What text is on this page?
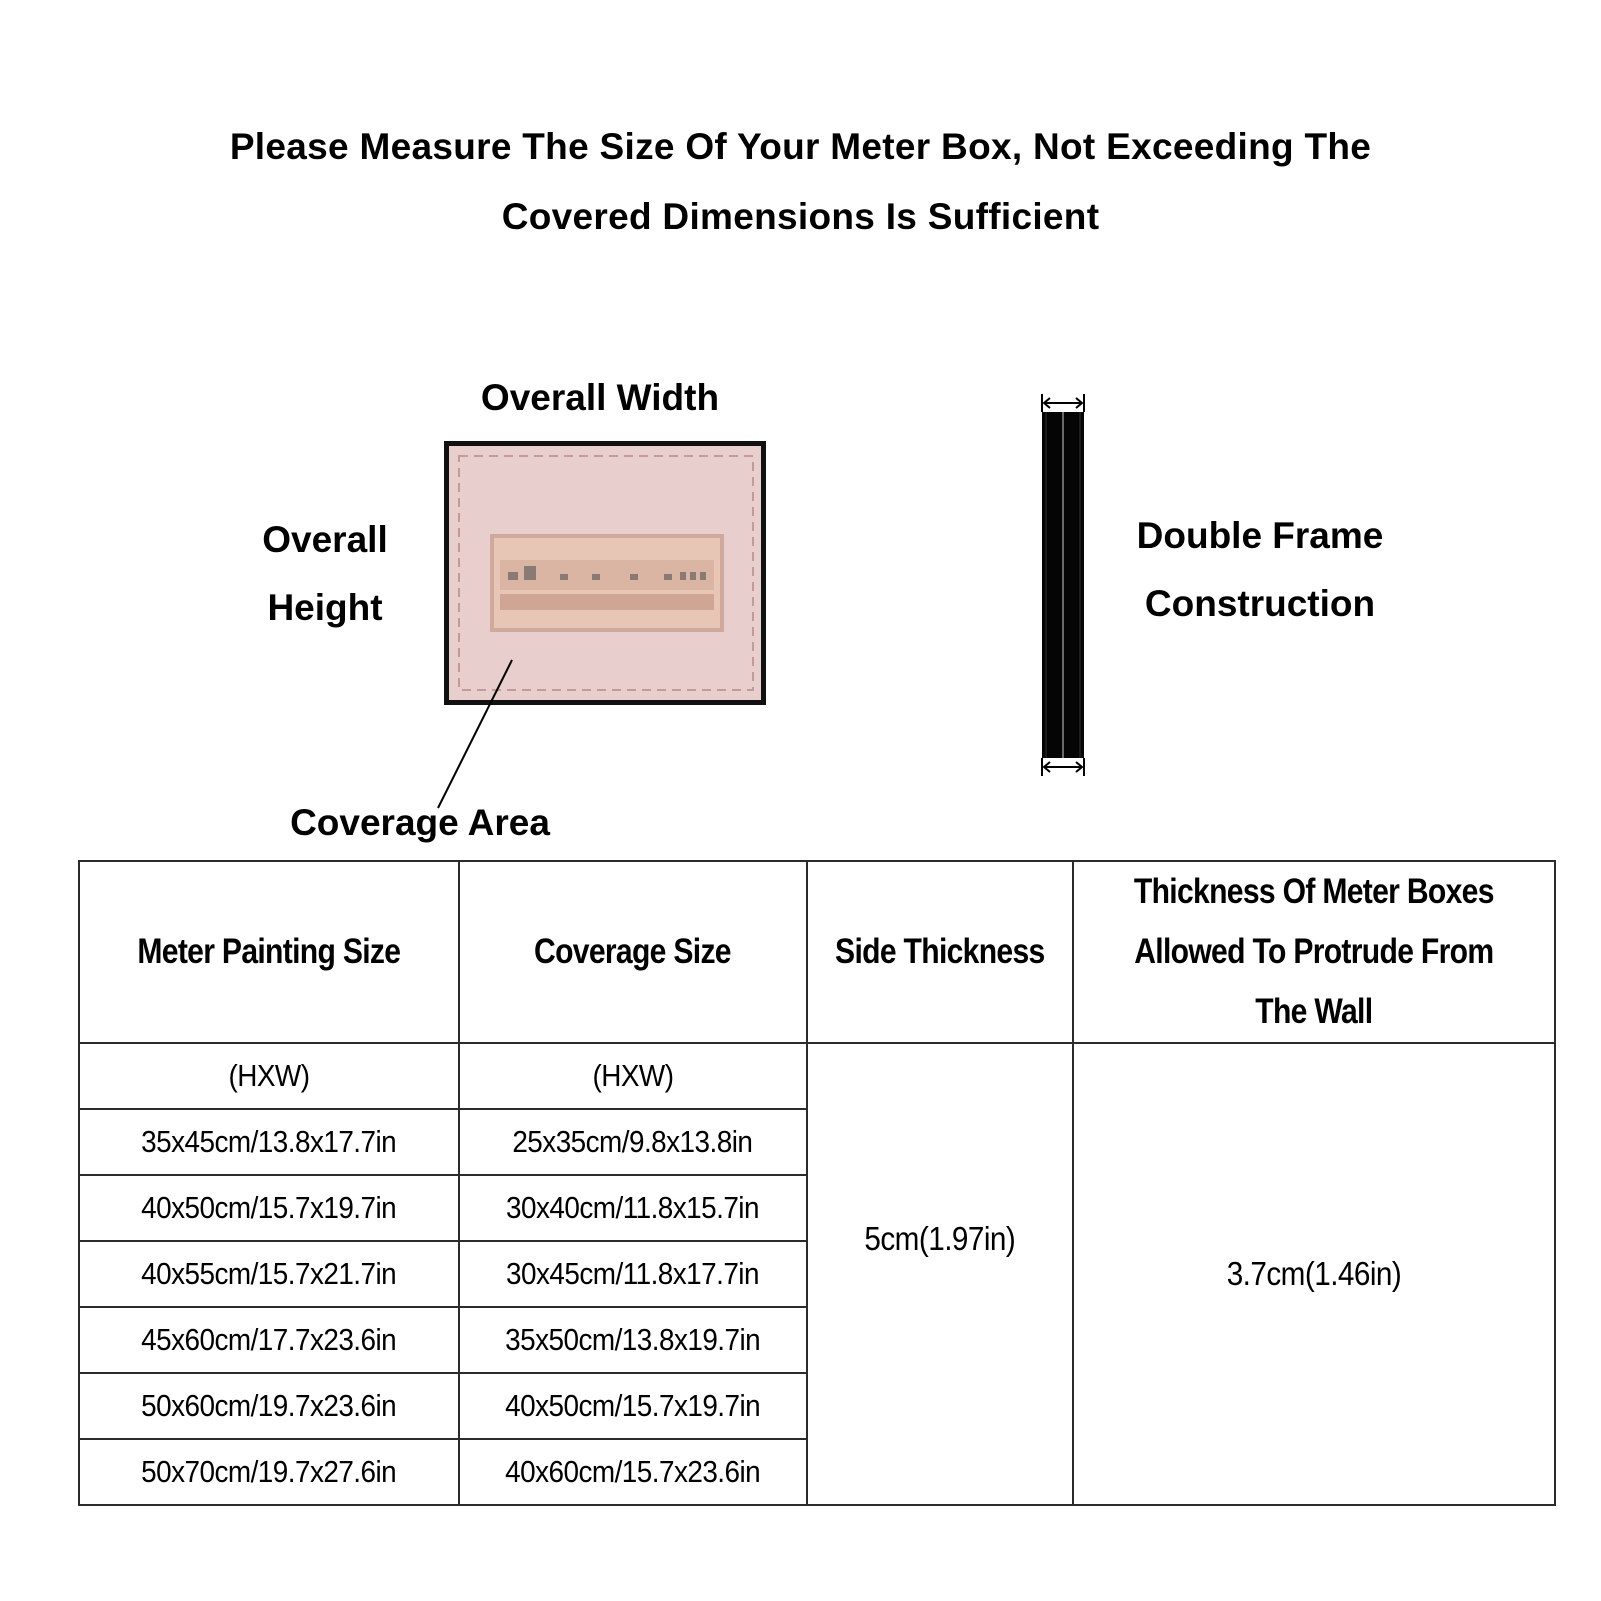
Please Measure The Size Of Your Meter Box, Not Exceeding The
Covered Dimensions Is Sufficient
Overall Width
Overall
Height
Coverage Area
Double Frame
Construction
Meter Painting Size	Coverage Size	Side Thickness	Thickness Of Meter Boxes Allowed To Protrude From The Wall
(HXW)	(HXW)	5cm(1.97in)	3.7cm(1.46in)
35x45cm/13.8x17.7in	25x35cm/9.8x13.8in		
40x50cm/15.7x19.7in	30x40cm/11.8x15.7in		
40x55cm/15.7x21.7in	30x45cm/11.8x17.7in		
45x60cm/17.7x23.6in	35x50cm/13.8x19.7in		
50x60cm/19.7x23.6in	40x50cm/15.7x19.7in		
50x70cm/19.7x27.6in	40x60cm/15.7x23.6in		
